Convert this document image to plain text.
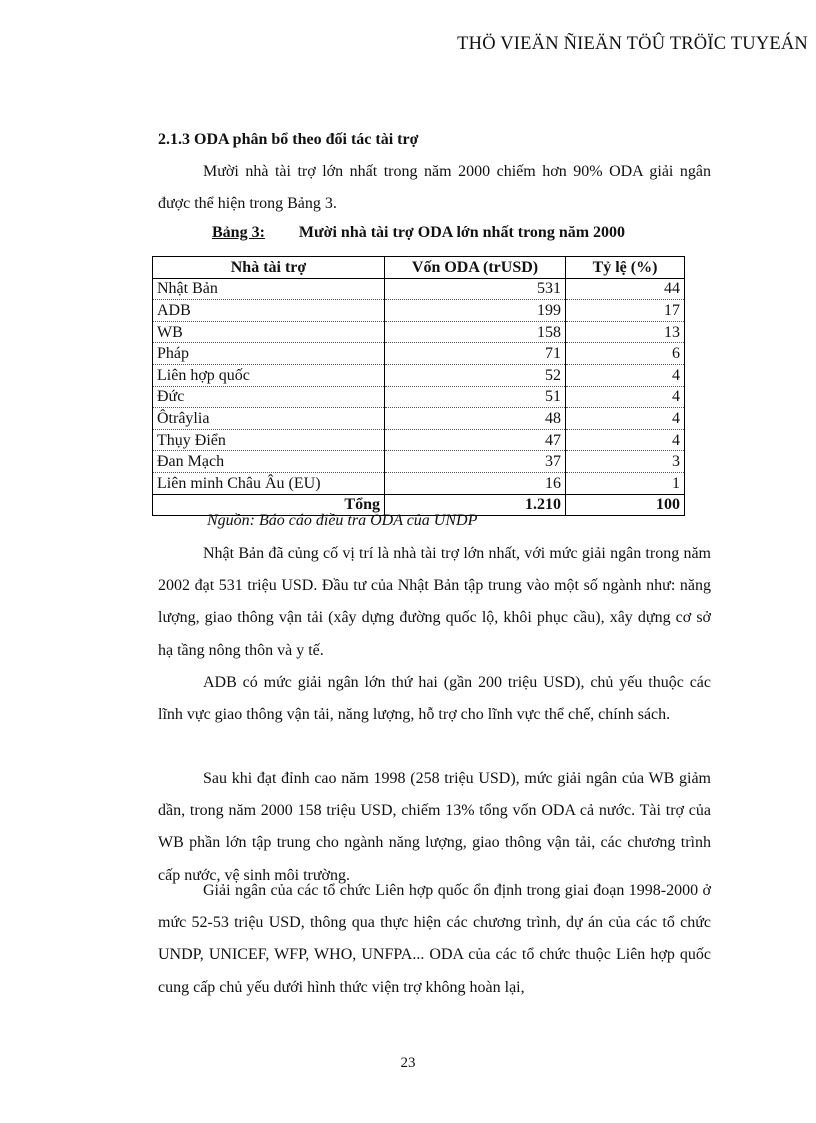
THÖ VIEÄN ÑIEÄN TÖÛ TRÖÏC TUYEÁN
2.1.3 ODA phân bổ theo đối tác tài trợ

Mười nhà tài trợ lớn nhất trong năm 2000 chiếm hơn 90% ODA giải ngân được thể hiện trong Bảng 3.

Bảng 3: Mười nhà tài trợ ODA lớn nhất trong năm 2000
Nhà tài trợ	Vốn ODA (trUSD)	Tỷ lệ (%)
Nhật Bản	531	44
ADB	199	17
WB	158	13
Pháp	71	6
Liên hợp quốc	52	4
Đức	51	4
Ôtrâylia	48	4
Thụy Điển	47	4
Đan Mạch	37	3
Liên minh Châu Âu (EU)	16	1
Tổng	1.210	100
Nguồn: Báo cáo điều tra ODA của UNDP

Nhật Bản đã củng cố vị trí là nhà tài trợ lớn nhất, với mức giải ngân trong năm 2002 đạt 531 triệu USD. Đầu tư của Nhật Bản tập trung vào một số ngành như: năng lượng, giao thông vận tải (xây dựng đường quốc lộ, khôi phục cầu), xây dựng cơ sở hạ tầng nông thôn và y tế.

ADB có mức giải ngân lớn thứ hai (gần 200 triệu USD), chủ yếu thuộc các lĩnh vực giao thông vận tải, năng lượng, hỗ trợ cho lĩnh vực thể chế, chính sách.

Sau khi đạt đỉnh cao năm 1998 (258 triệu USD), mức giải ngân của WB giảm dần, trong năm 2000 158 triệu USD, chiếm 13% tổng vốn ODA cả nước. Tài trợ của WB phần lớn tập trung cho ngành năng lượng, giao thông vận tải, các chương trình cấp nước, vệ sinh môi trường.

Giải ngân của các tổ chức Liên hợp quốc ổn định trong giai đoạn 1998-2000 ở mức 52-53 triệu USD, thông qua thực hiện các chương trình, dự án của các tổ chức UNDP, UNICEF, WFP, WHO, UNFPA... ODA của các tổ chức thuộc Liên hợp quốc cung cấp chủ yếu dưới hình thức viện trợ không hoàn lại,

23
